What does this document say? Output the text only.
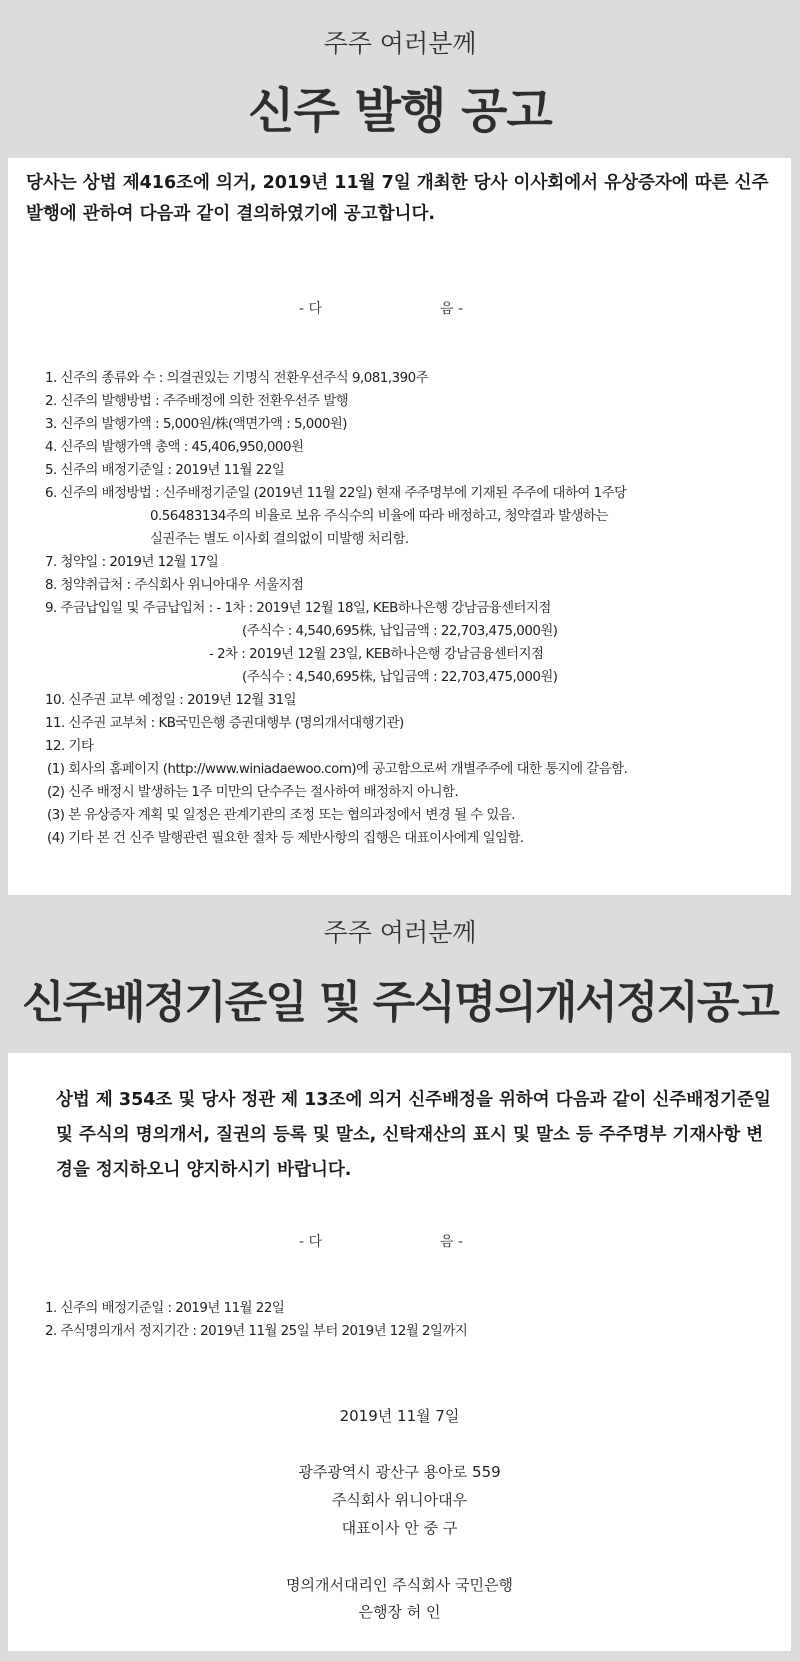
주주 여러분께
신주 발행 공고
당사는 상법 제416조에 의거, 2019년 11월 7일 개최한 당사 이사회에서 유상증자에 따른 신주발행에 관하여 다음과 같이 결의하였기에 공고합니다.
- 다	음 -
1. 신주의 종류와 수 : 의결권있는 기명식 전환우선주식 9,081,390주
2. 신주의 발행방법 : 주주배정에 의한 전환우선주 발행
3. 신주의 발행가액 : 5,000원/株(액면가액 : 5,000원)
4. 신주의 발행가액 총액 : 45,406,950,000원
5. 신주의 배정기준일 : 2019년 11월 22일
6. 신주의 배정방법 : 신주배정기준일 (2019년 11월 22일) 현재 주주명부에 기재된 주주에 대하여 1주당
0.56483134주의 비율로 보유 주식수의 비율에 따라 배정하고, 청약결과 발생하는
실권주는 별도 이사회 결의없이 미발행 처리함.
7. 청약일 : 2019년 12월 17일
8. 청약취급처 : 주식회사 위니아대우 서울지점
9. 주금납입일 및 주금납입처 : - 1차 : 2019년 12월 18일, KEB하나은행 강남금융센터지점
(주식수 : 4,540,695株, 납입금액 : 22,703,475,000원)
- 2차 : 2019년 12월 23일, KEB하나은행 강남금융센터지점
(주식수 : 4,540,695株, 납입금액 : 22,703,475,000원)
10. 신주권 교부 예정일 : 2019년 12월 31일
11. 신주권 교부처 : KB국민은행 증권대행부 (명의개서대행기관)
12. 기타
(1) 회사의 홈페이지 (http://www.winiadaewoo.com)에 공고함으로써 개별주주에 대한 통지에 갈음함.
(2) 신주 배정시 발생하는 1주 미만의 단수주는 절사하여 배정하지 아니함.
(3) 본 유상증자 계획 및 일정은 관계기관의 조정 또는 협의과정에서 변경 될 수 있음.
(4) 기타 본 건 신주 발행관련 필요한 절차 등 제반사항의 집행은 대표이사에게 일임함.
주주 여러분께
신주배정기준일 및 주식명의개서정지공고
상법 제 354조 및 당사 정관 제 13조에 의거 신주배정을 위하여 다음과 같이 신주배정기준일 및 주식의 명의개서, 질권의 등록 및 말소, 신탁재산의 표시 및 말소 등 주주명부 기재사항 변경을 정지하오니 양지하시기 바랍니다.
- 다	음 -
1. 신주의 배정기준일 : 2019년 11월 22일
2. 주식명의개서 정지기간 : 2019년 11월 25일 부터 2019년 12월 2일까지
2019년 11월 7일
광주광역시 광산구 용아로 559
주식회사 위니아대우
대표이사 안 중 구
명의개서대리인 주식회사 국민은행
은행장 허 인
